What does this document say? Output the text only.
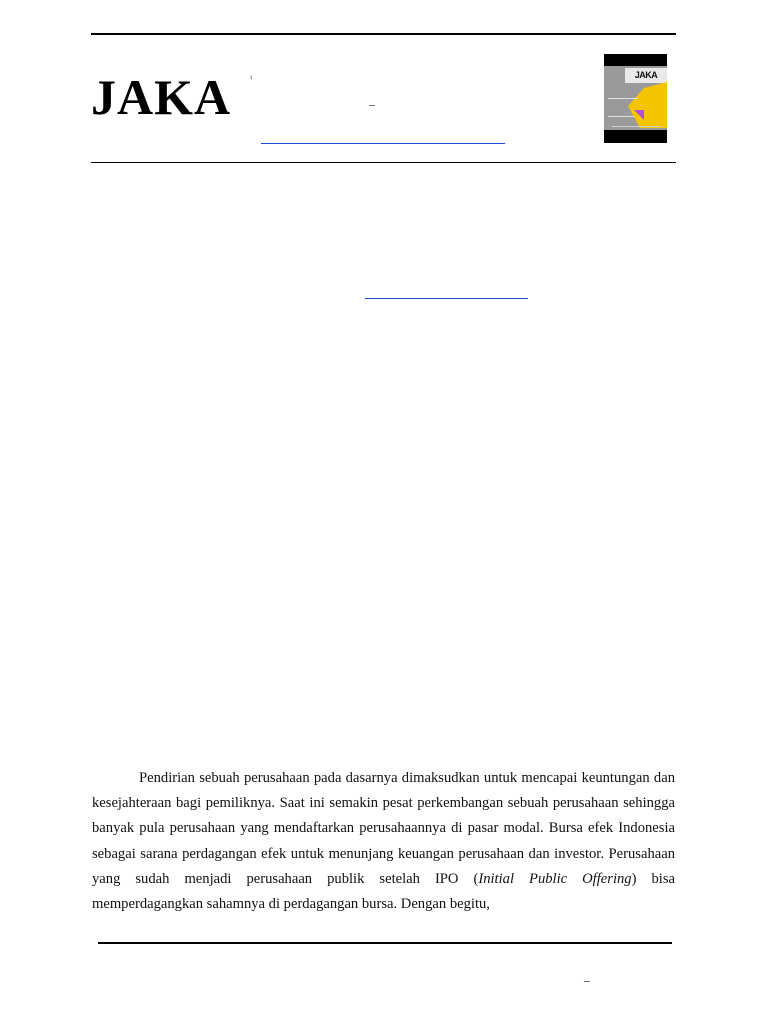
JAKA ¹
–
JAKA

Pendirian sebuah perusahaan pada dasarnya dimaksudkan untuk mencapai keuntungan dan kesejahteraan bagi pemiliknya. Saat ini semakin pesat perkembangan sebuah perusahaan sehingga banyak pula perusahaan yang mendaftarkan perusahaannya di pasar modal. Bursa efek Indonesia sebagai sarana perdagangan efek untuk menunjang keuangan perusahaan dan investor. Perusahaan yang sudah menjadi perusahaan publik setelah IPO (Initial Public Offering) bisa memperdagangkan sahamnya di perdagangan bursa. Dengan begitu,

–
